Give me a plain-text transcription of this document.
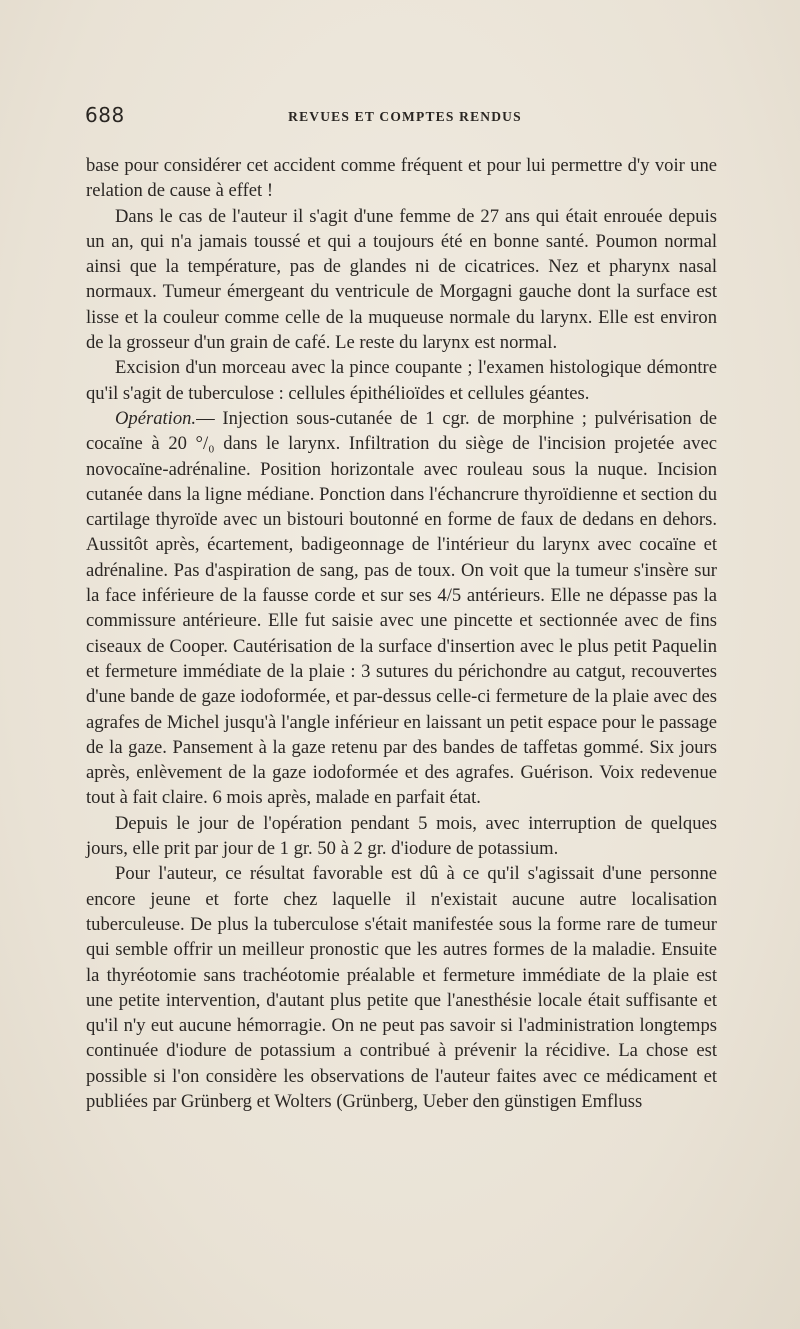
688	REVUES ET COMPTES RENDUS

base pour considérer cet accident comme fréquent et pour lui permettre d'y voir une relation de cause à effet !

Dans le cas de l'auteur il s'agit d'une femme de 27 ans qui était enrouée depuis un an, qui n'a jamais toussé et qui a toujours été en bonne santé. Poumon normal ainsi que la température, pas de glandes ni de cicatrices. Nez et pharynx nasal normaux. Tumeur émergeant du ventricule de Morgagni gauche dont la surface est lisse et la couleur comme celle de la muqueuse normale du larynx. Elle est environ de la grosseur d'un grain de café. Le reste du larynx est normal.

Excision d'un morceau avec la pince coupante ; l'examen histologique démontre qu'il s'agit de tuberculose : cellules épithélioïdes et cellules géantes.

Opération.— Injection sous-cutanée de 1 cgr. de morphine ; pulvérisation de cocaïne à 20 °/₀ dans le larynx. Infiltration du siège de l'incision projetée avec novocaïne-adrénaline. Position horizontale avec rouleau sous la nuque. Incision cutanée dans la ligne médiane. Ponction dans l'échancrure thyroïdienne et section du cartilage thyroïde avec un bistouri boutonné en forme de faux de dedans en dehors. Aussitôt après, écartement, badigeonnage de l'intérieur du larynx avec cocaïne et adrénaline. Pas d'aspiration de sang, pas de toux. On voit que la tumeur s'insère sur la face inférieure de la fausse corde et sur ses 4/5 antérieurs. Elle ne dépasse pas la commissure antérieure. Elle fut saisie avec une pincette et sectionnée avec de fins ciseaux de Cooper. Cautérisation de la surface d'insertion avec le plus petit Paquelin et fermeture immédiate de la plaie : 3 sutures du périchondre au catgut, recouvertes d'une bande de gaze iodoformée, et par-dessus celle-ci fermeture de la plaie avec des agrafes de Michel jusqu'à l'angle inférieur en laissant un petit espace pour le passage de la gaze. Pansement à la gaze retenu par des bandes de taffetas gommé. Six jours après, enlèvement de la gaze iodoformée et des agrafes. Guérison. Voix redevenue tout à fait claire. 6 mois après, malade en parfait état.

Depuis le jour de l'opération pendant 5 mois, avec interruption de quelques jours, elle prit par jour de 1 gr. 50 à 2 gr. d'iodure de potassium.

Pour l'auteur, ce résultat favorable est dû à ce qu'il s'agissait d'une personne encore jeune et forte chez laquelle il n'existait aucune autre localisation tuberculeuse. De plus la tuberculose s'était manifestée sous la forme rare de tumeur qui semble offrir un meilleur pronostic que les autres formes de la maladie. Ensuite la thyréotomie sans trachéotomie préalable et fermeture immédiate de la plaie est une petite intervention, d'autant plus petite que l'anesthésie locale était suffisante et qu'il n'y eut aucune hémorragie. On ne peut pas savoir si l'administration longtemps continuée d'iodure de potassium a contribué à prévenir la récidive. La chose est possible si l'on considère les observations de l'auteur faites avec ce médicament et publiées par Grünberg et Wolters (Grünberg, Ueber den günstigen Emfluss
